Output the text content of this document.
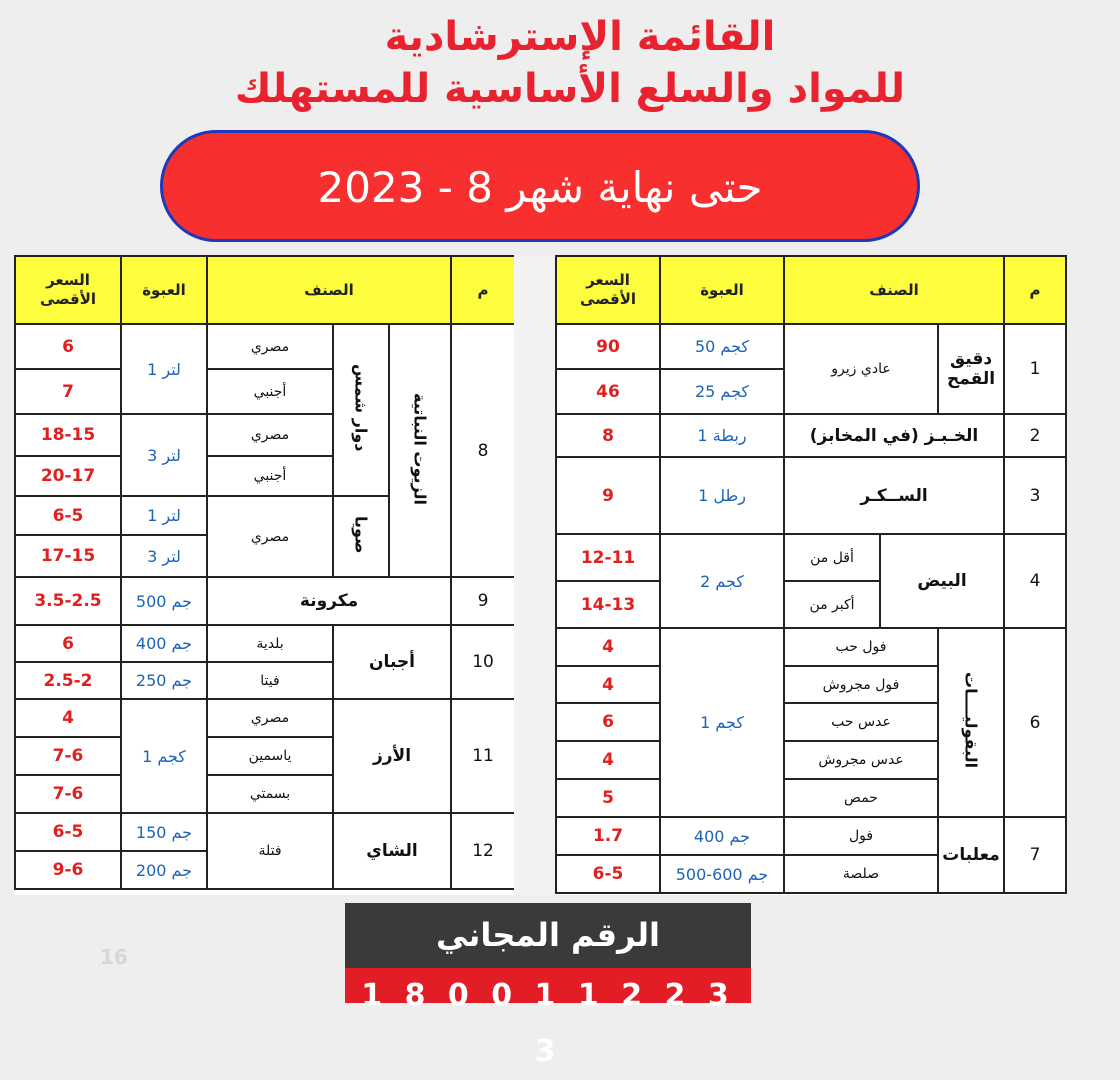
القائمة الإسترشادية
للمواد والسلع الأساسية للمستهلك
حتى نهاية شهر 8 - 2023
السعر الأقصى	العبوة	الصنف			م
6	1 لتر	مصري	دوار شمس	الزيوت النباتية	8
7		أجنبي			
18-15	3 لتر	مصري			
20-17		أجنبي			
6-5	1 لتر	مصري	صويا		
17-15	3 لتر				
3.5-2.5	500 جم	مكرونة			9
6	400 جم	بلدية	أجبان		10
2.5-2	250 جم	فيتا			
4	1 كجم	مصري	الأرز		11
7-6		ياسمين			
7-6		بسمتي			
6-5	150 جم	فتلة	الشاي		12
9-6	200 جم				
السعر الأقصى	العبوة	الصنف			م
90	50 كجم	عادي زيرو		دقيق القمح	1
46	25 كجم				
8	1 ربطة	الخـبـز (في المخابز)			2
9	1 رطل	الســكـر			3
12-11	2 كجم	أقل من	البيض		4
14-13		أكبر من			
4	1 كجم	فول حب		البقوليــــات	6
4		فول مجروش			
6		عدس حب			
4		عدس مجروش			
5		حمص			
1.7	400 جم	فول		معلبات	7
6-5	500-600 جم	صلصة			
16
الرقم المجاني
1 8 0 0 1 1 2 2 3 3
